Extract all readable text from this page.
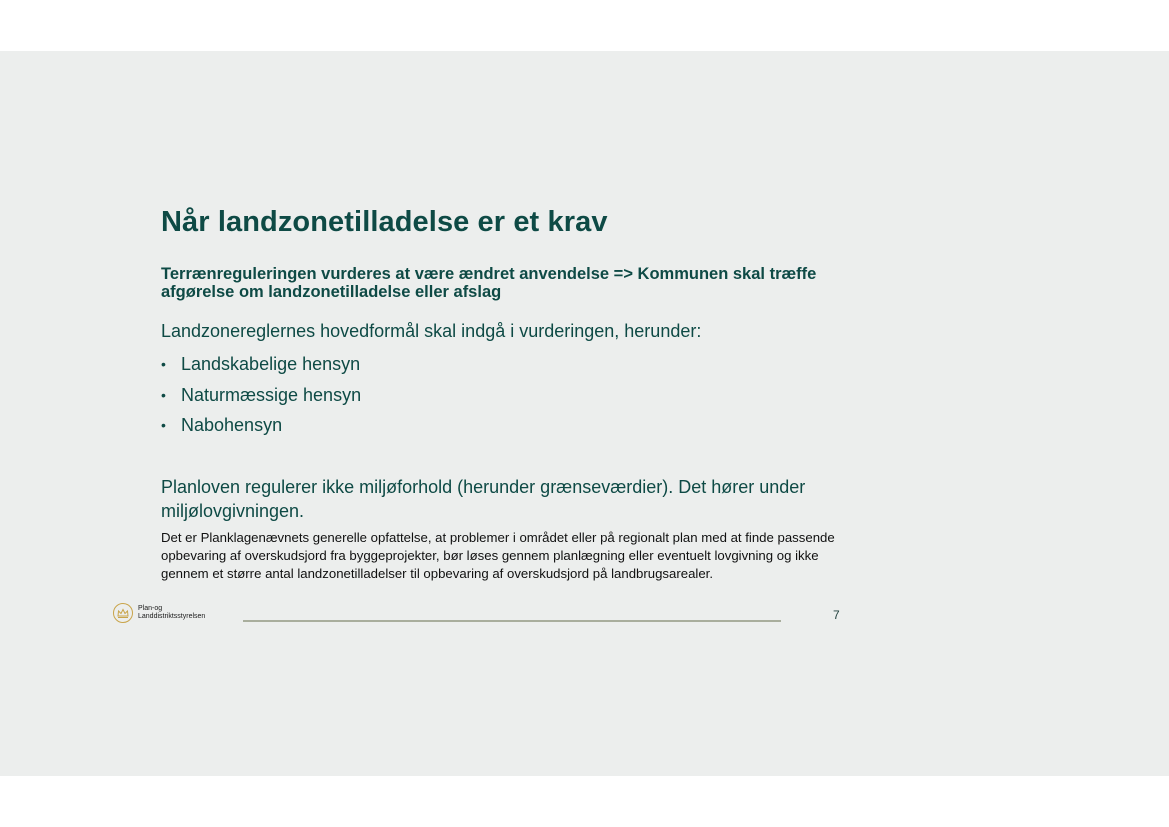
Når landzonetilladelse er et krav

Terrænreguleringen vurderes at være ændret anvendelse => Kommunen skal træffe afgørelse om landzonetilladelse eller afslag

Landzonereglernes hovedformål skal indgå i vurderingen, herunder:

• Landskabelige hensyn
• Naturmæssige hensyn
• Nabohensyn

Planloven regulerer ikke miljøforhold (herunder grænseværdier). Det hører under miljølovgivningen.

Det er Planklagenævnets generelle opfattelse, at problemer i området eller på regionalt plan med at finde passende opbevaring af overskudsjord fra byggeprojekter, bør løses gennem planlægning eller eventuelt lovgivning og ikke gennem et større antal landzonetilladelser til opbevaring af overskudsjord på landbrugsarealer.

Plan-og
Landdistriktsstyrelsen	7
